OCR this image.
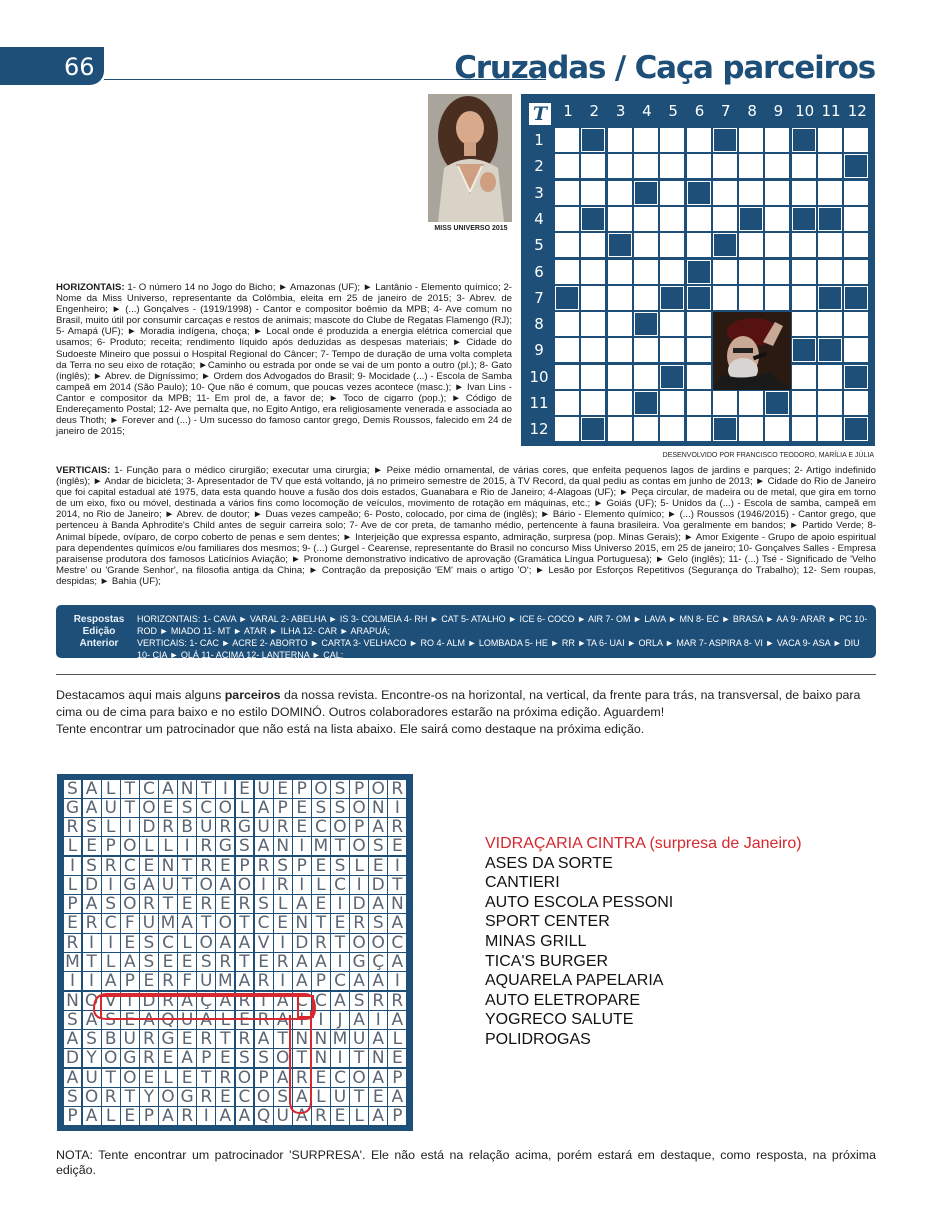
66	Cruzadas / Caça parceiros
MISS UNIVERSO 2015
T	1	2	3	4	5	6	7	8	9 10 11 12
1
2
3
4
5
6
7
8
9
10
11
12
DESENVOLVIDO POR FRANCISCO TEODORO, MARÍLIA E JÚLIA
HORIZONTAIS: 1- O número 14 no Jogo do Bicho; ► Amazonas (UF); ► Lantânio - Elemento químico; 2- Nome da Miss Universo, representante da Colômbia, eleita em 25 de janeiro de 2015; 3- Abrev. de Engenheiro; ► (...) Gonçalves - (1919/1998) - Cantor e compositor boêmio da MPB; 4- Ave comum no Brasil, muito útil por consumir carcaças e restos de animais; mascote do Clube de Regatas Flamengo (RJ); 5- Amapá (UF); ► Moradia indígena, choça; ► Local onde é produzida a energia elétrica comercial que usamos; 6- Produto; receita; rendimento líquido após deduzidas as despesas materiais; ► Cidade do Sudoeste Mineiro que possui o Hospital Regional do Câncer; 7- Tempo de duração de uma volta completa da Terra no seu eixo de rotação; ►Caminho ou estrada por onde se vai de um ponto a outro (pl.); 8- Gato (inglês); ► Abrev. de Digníssimo; ► Ordem dos Advogados do Brasil; 9- Mocidade (...) - Escola de Samba campeã em 2014 (São Paulo); 10- Que não é comum, que poucas vezes acontece (masc.); ► Ivan Lins - Cantor e compositor da MPB; 11- Em prol de, a favor de; ► Toco de cigarro (pop.); ► Código de Endereçamento Postal; 12- Ave pernalta que, no Egito Antigo, era religiosamente venerada e associada ao deus Thoth; ► Forever and (...) - Um sucesso do famoso cantor grego, Demis Roussos, falecido em 24 de janeiro de 2015;
VERTICAIS: 1- Função para o médico cirurgião; executar uma cirurgia; ► Peixe médio ornamental, de várias cores, que enfeita pequenos lagos de jardins e parques; 2- Artigo indefinido (inglês); ► Andar de bicicleta; 3- Apresentador de TV que está voltando, já no primeiro semestre de 2015, à TV Record, da qual pediu as contas em junho de 2013; ► Cidade do Rio de Janeiro que foi capital estadual até 1975, data esta quando houve a fusão dos dois estados, Guanabara e Rio de Janeiro; 4-Alagoas (UF); ► Peça circular, de madeira ou de metal, que gira em torno de um eixo, fixo ou móvel, destinada a vários fins como locomoção de veículos, movimento de rotação em máquinas, etc.; ► Goiás (UF); 5- Unidos da (...) - Escola de samba, campeã em 2014, no Rio de Janeiro; ► Abrev. de doutor; ► Duas vezes campeão; 6- Posto, colocado, por cima de (inglês); ► Bário - Elemento químico; ► (...) Roussos (1946/2015) - Cantor grego, que pertenceu à Banda Aphrodite's Child antes de seguir carreira solo; 7- Ave de cor preta, de tamanho médio, pertencente à fauna brasileira. Voa geralmente em bandos; ► Partido Verde; 8- Animal bípede, ovíparo, de corpo coberto de penas e sem dentes; ► Interjeição que expressa espanto, admiração, surpresa (pop. Minas Gerais); ► Amor Exigente - Grupo de apoio espiritual para dependentes químicos e/ou familiares dos mesmos; 9- (...) Gurgel - Cearense, representante do Brasil no concurso Miss Universo 2015, em 25 de janeiro; 10- Gonçalves Salles - Empresa paraisense produtora dos famosos Laticínios Aviação; ► Pronome demonstrativo indicativo de aprovação (Gramática Língua Portuguesa); ► Gelo (inglês); 11- (...) Tsé - Significado de 'Velho Mestre' ou 'Grande Senhor', na filosofia antiga da China; ► Contração da preposição 'EM' mais o artigo 'O'; ► Lesão por Esforços Repetitivos (Segurança do Trabalho); 12- Sem roupas, despidas; ► Bahia (UF);
Respostas Edição Anterior
HORIZONTAIS: 1- CAVA ► VARAL 2- ABELHA ► IS 3- COLMEIA 4- RH ► CAT 5- ATALHO ► ICE 6- COCO ► AIR 7- OM ► LAVA ► MN 8- EC ► BRASA ► AA 9- ARAR ► PC 10- ROD ► MIADO 11- MT ► ATAR ► ILHA 12- CAR ► ARAPUÁ;
VERTICAIS: 1- CAC ► ACRE 2- ABORTO ► CARTA 3- VELHACO ► RO 4- ALM ► LOMBADA 5- HE ► RR ►TA 6- UAI ► ORLA ► MAR 7- ASPIRA 8- VI ► VACA 9- ASA ► DIU 10- CIA ► OLÁ 11- ACIMA 12- LANTERNA ► CAL;
Destacamos aqui mais alguns parceiros da nossa revista. Encontre-os na horizontal, na vertical, da frente para trás, na transversal, de baixo para cima ou de cima para baixo e no estilo DOMINÓ. Outros colaboradores estarão na próxima edição. Aguardem!
Tente encontrar um patrocinador que não está na lista abaixo. Ele sairá como destaque na próxima edição.
S A L T C A N T I E U E P O S P O R
G A U T O E S C O L A P E S S O N I
R S L I D R B U R G U R E C O P A R
L E P O L L I R G S A N I M T O S E
I S R C E N T R E P R S P E S L E I
L D I G A U T O A O I R I L C I D T
P A S O R T E R E R S L A E I D A N
E R C F U M A T O T C E N T E R S A
R I I E S C L O A A V I D R T O O C
M T L A S E E S R T E R A A I G Ç A
I I A P E R F U M A R I A P C A A I
N O V I D R A Ç A R I A C C A S R R
S A S E A Q U A L E R A I I J A I A
A S B U R G E R T R A T N N M U A L
D Y O G R E A P E S S O T N I T N E
A U T O E L E T R O P A R E C O A P
S O R T Y O G R E C O S A L U T E A
P A L E P A R I A A Q U A R E L A P
VIDRAÇARIA CINTRA (surpresa de Janeiro)
ASES DA SORTE
CANTIERI
AUTO ESCOLA PESSONI
SPORT CENTER
MINAS GRILL
TICA'S BURGER
AQUARELA PAPELARIA
AUTO ELETROPARE
YOGRECO SALUTE
POLIDROGAS
NOTA: Tente encontrar um patrocinador 'SURPRESA'. Ele não está na relação acima, porém estará em destaque, como resposta, na próxima edição.
